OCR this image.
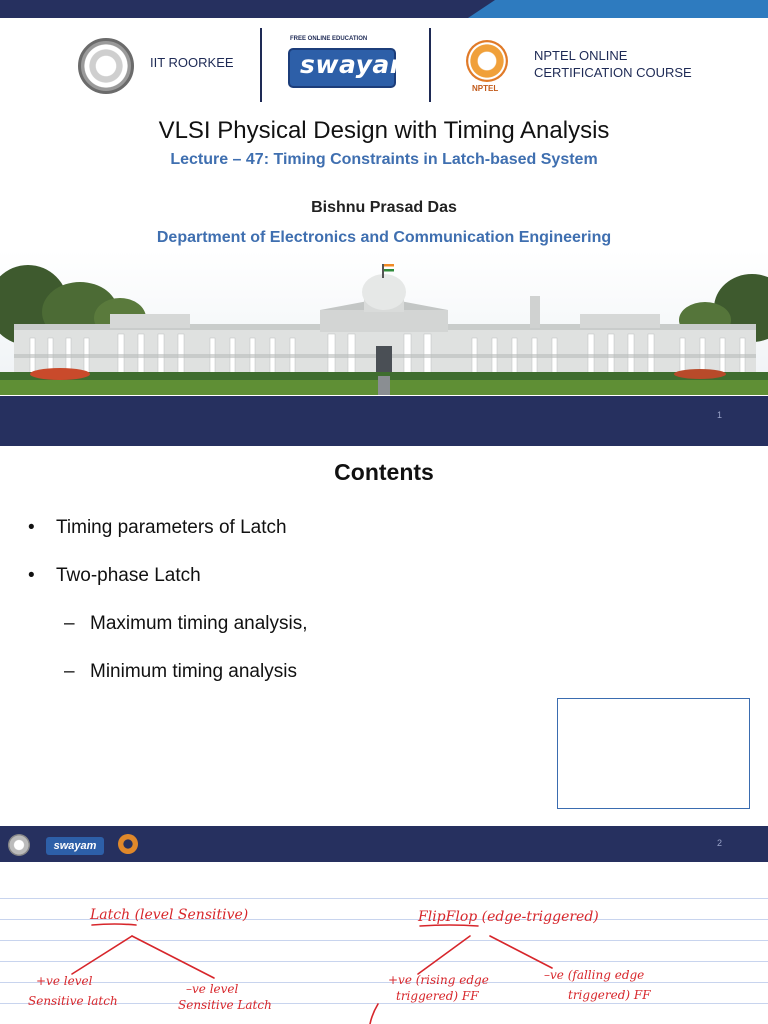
IIT ROORKEE
FREE ONLINE EDUCATION
swayam
NPTEL
NPTEL ONLINE
CERTIFICATION COURSE
VLSI Physical Design with Timing Analysis
Lecture – 47: Timing Constraints in Latch-based System
Bishnu Prasad Das
Department of Electronics and Communication Engineering
1
Contents
• Timing parameters of Latch
• Two-phase Latch
– Maximum timing analysis,
– Minimum timing analysis
swayam	2
Latch (level Sensitive)
+ve level
Sensitive latch
–ve level
Sensitive Latch
FlipFlop (edge-triggered)
+ve (rising edge
triggered) FF
–ve (falling edge
triggered) FF
